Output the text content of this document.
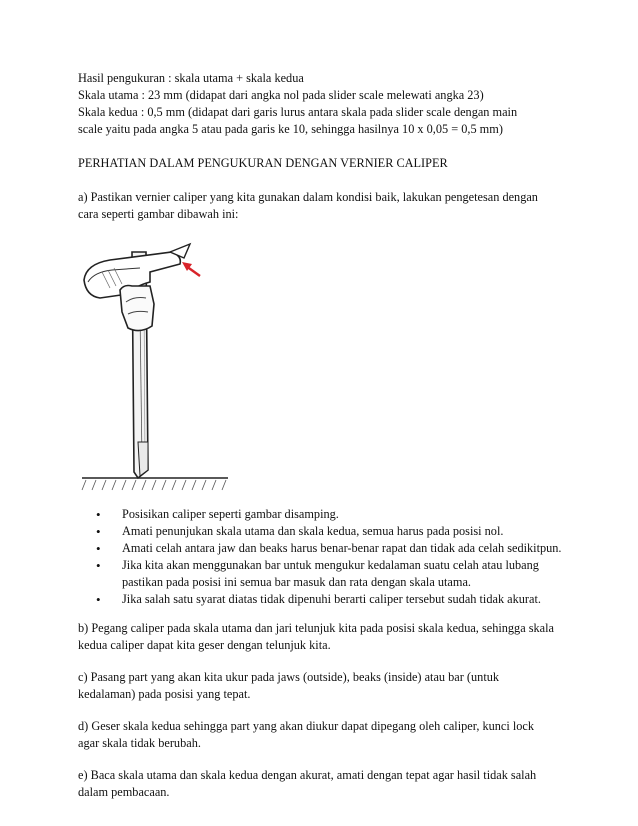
Hasil pengukuran : skala utama + skala kedua

Skala utama : 23 mm (didapat dari angka nol pada slider scale melewati angka 23)

Skala kedua : 0,5 mm (didapat dari garis lurus antara skala pada slider scale dengan main

scale yaitu pada angka 5 atau pada garis ke 10, sehingga hasilnya 10 x 0,05 = 0,5 mm)

PERHATIAN DALAM PENGUKURAN DENGAN VERNIER CALIPER

a) Pastikan vernier caliper yang kita gunakan dalam kondisi baik, lakukan pengetesan dengan

cara seperti gambar dibawah ini:

• Posisikan caliper seperti gambar disamping.
• Amati penunjukan skala utama dan skala kedua, semua harus pada posisi nol.
• Amati celah antara jaw dan beaks harus benar-benar rapat dan tidak ada celah sedikitpun.
• Jika kita akan menggunakan bar untuk mengukur kedalaman suatu celah atau lubang pastikan pada posisi ini semua bar masuk dan rata dengan skala utama.
• Jika salah satu syarat diatas tidak dipenuhi berarti caliper tersebut sudah tidak akurat.

b) Pegang caliper pada skala utama dan jari telunjuk kita pada posisi skala kedua, sehingga skala

kedua caliper dapat kita geser dengan telunjuk kita.

c) Pasang part yang akan kita ukur pada jaws (outside), beaks (inside) atau bar (untuk

kedalaman) pada posisi yang tepat.

d) Geser skala kedua sehingga part yang akan diukur dapat dipegang oleh caliper, kunci lock

agar skala tidak berubah.

e) Baca skala utama dan skala kedua dengan akurat, amati dengan tepat agar hasil tidak salah

dalam pembacaan.
